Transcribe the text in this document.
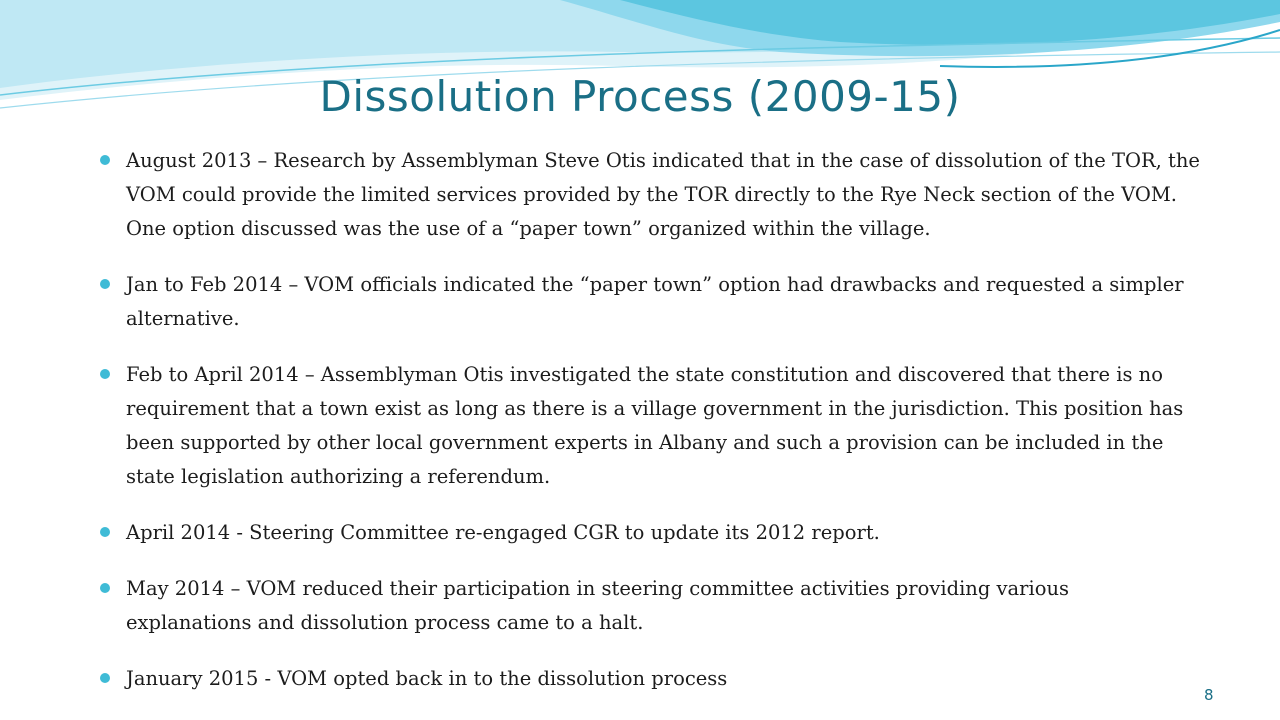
Dissolution Process (2009-15)
August 2013 – Research by Assemblyman Steve Otis indicated that in the case of dissolution of the TOR, the VOM could provide the limited services provided by the TOR directly to the Rye Neck section of the VOM. One option discussed was the use of a “paper town” organized within the village.
Jan to Feb 2014 – VOM officials indicated the “paper town” option had drawbacks and requested a simpler alternative.
Feb to April 2014 – Assemblyman Otis investigated the state constitution and discovered that there is no requirement that a town exist as long as there is a village government in the jurisdiction. This position has been supported by other local government experts in Albany and such a provision can be included in the state legislation authorizing a referendum.
April 2014 - Steering Committee re-engaged CGR to update its 2012 report.
May 2014 – VOM reduced their participation in steering committee activities providing various explanations and dissolution process came to a halt.
January 2015 - VOM opted back in to the dissolution process
8
